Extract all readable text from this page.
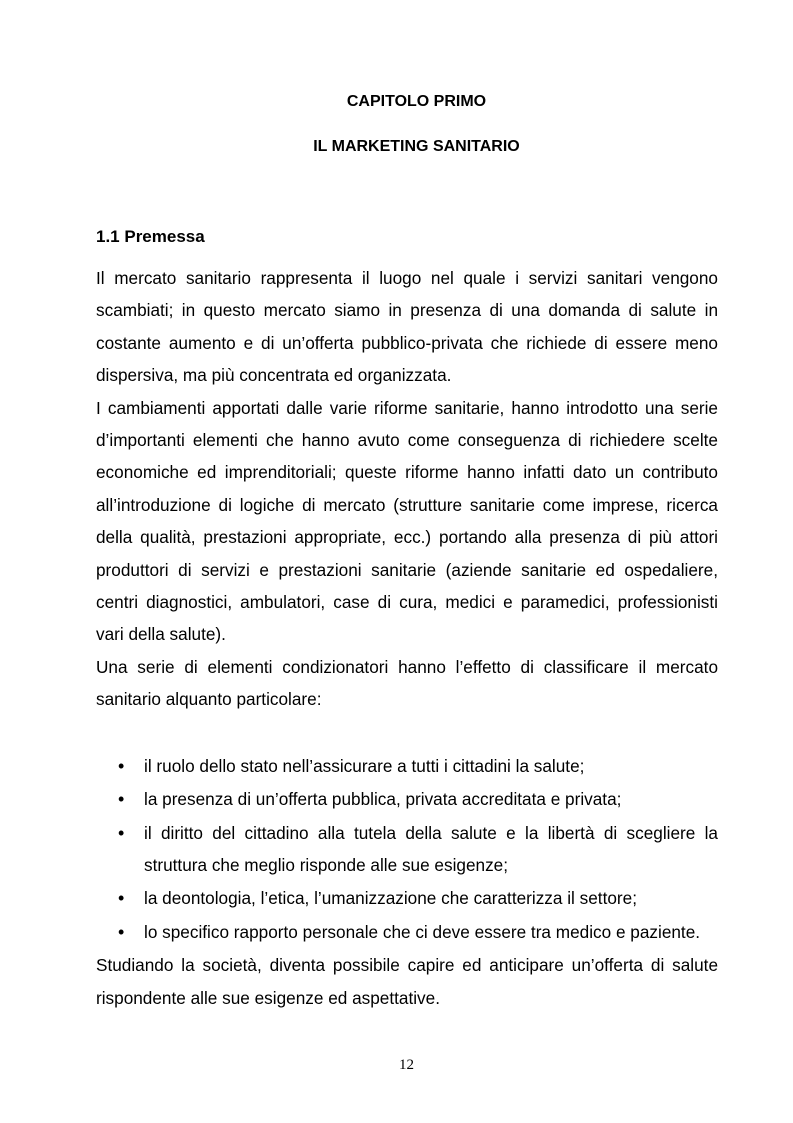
CAPITOLO PRIMO
IL MARKETING SANITARIO
1.1 Premessa

Il mercato sanitario rappresenta il luogo nel quale i servizi sanitari vengono scambiati; in questo mercato siamo in presenza di una domanda di salute in costante aumento e di un’offerta pubblico-privata che richiede di essere meno dispersiva, ma più concentrata ed organizzata.

I cambiamenti apportati dalle varie riforme sanitarie, hanno introdotto una serie d’importanti elementi che hanno avuto come conseguenza di richiedere scelte economiche ed imprenditoriali; queste riforme hanno infatti dato un contributo all’introduzione di logiche di mercato (strutture sanitarie come imprese, ricerca della qualità, prestazioni appropriate, ecc.) portando alla presenza di più attori produttori di servizi e prestazioni sanitarie (aziende sanitarie ed ospedaliere, centri diagnostici, ambulatori, case di cura, medici e paramedici, professionisti vari della salute).

Una serie di elementi condizionatori hanno l’effetto di classificare il mercato sanitario alquanto particolare:

• il ruolo dello stato nell’assicurare a tutti i cittadini la salute;
• la presenza di un’offerta pubblica, privata accreditata e privata;
• il diritto del cittadino alla tutela della salute e la libertà di scegliere la struttura che meglio risponde alle sue esigenze;
• la deontologia, l’etica, l’umanizzazione che caratterizza il settore;
• lo specifico rapporto personale che ci deve essere tra medico e paziente.

Studiando la società, diventa possibile capire ed anticipare un’offerta di salute rispondente alle sue esigenze ed aspettative.

12
